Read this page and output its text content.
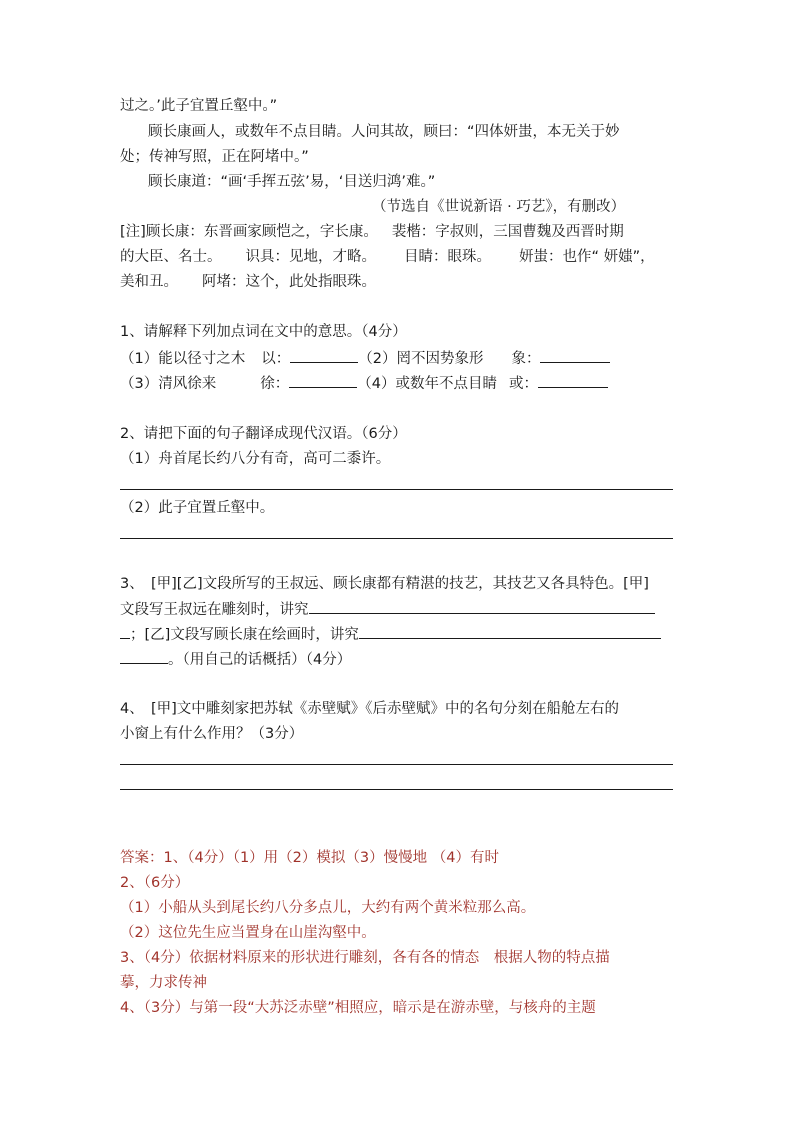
过之。’此子宜置丘壑中。”
顾长康画人，或数年不点目睛。人问其故，顾曰：“四体妍蚩，本无关于妙
处；传神写照，正在阿堵中。”
顾长康道：“画‘手挥五弦’易，‘目送归鸿’难。”
（节选自《世说新语 · 巧艺》，有删改）
[注]顾长康：东晋画家顾恺之，字长康。 裴楷：字叔则，三国曹魏及西晋时期
的大臣、名士。 识具：见地，才略。 目睛：眼珠。 妍蚩：也作“ 妍媸”，
美和丑。 阿堵：这个，此处指眼珠。
1、请解释下列加点词在文中的意思。（4分）
（1）能以径寸之木 以：	（2）罔不因势象形 象：
（3）清风徐来	徐：	（4）或数年不点目睛 或：
2、请把下面的句子翻译成现代汉语。（6分）
（1）舟首尾长约八分有奇，高可二黍许。
（2）此子宜置丘壑中。
3、　[甲][乙]文段所写的王叔远、顾长康都有精湛的技艺，其技艺又各具特色。[甲]
文段写王叔远在雕刻时，讲究
；[乙]文段写顾长康在绘画时，讲究
。（用自己的话概括）（4分）
4、　[甲]文中雕刻家把苏轼《赤壁赋》《后赤壁赋》中的名句分刻在船舱左右的
小窗上有什么作用？（3分）
答案：1、（4分）（1）用（2）模拟（3）慢慢地 （4）有时
2、（6分）
（1）小船从头到尾长约八分多点儿，大约有两个黄米粒那么高。
（2）这位先生应当置身在山崖沟壑中。
3、（4分）依据材料原来的形状进行雕刻，各有各的情态　根据人物的特点描
摹，力求传神
4、（3分）与第一段“大苏泛赤壁”相照应，暗示是在游赤壁，与核舟的主题
